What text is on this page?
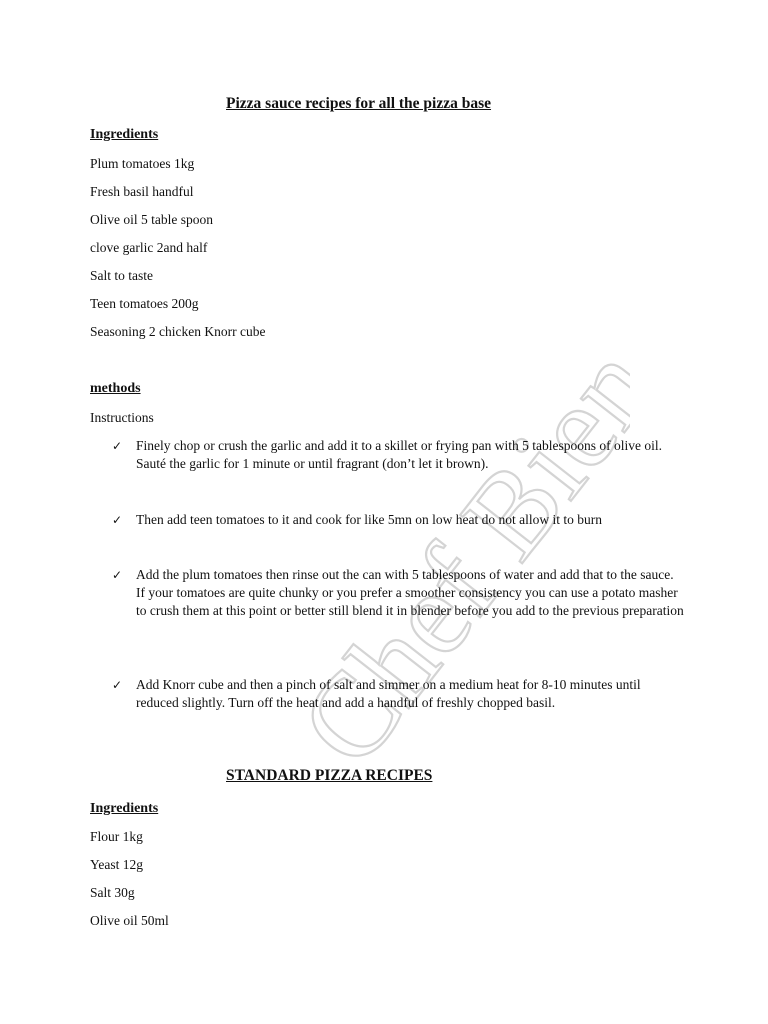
Chef Bien
Pizza sauce recipes for all the pizza base
Ingredients
Plum tomatoes 1kg
Fresh basil handful
Olive oil 5 table spoon
clove garlic 2and half
Salt to taste
Teen tomatoes 200g
Seasoning 2 chicken Knorr cube
methods
Instructions
✓ Finely chop or crush the garlic and add it to a skillet or frying pan with 5 tablespoons of olive oil. Sauté the garlic for 1 minute or until fragrant (don’t let it brown).
✓ Then add teen tomatoes to it and cook for like 5mn on low heat do not allow it to burn
✓ Add the plum tomatoes then rinse out the can with 5 tablespoons of water and add that to the sauce. If your tomatoes are quite chunky or you prefer a smoother consistency you can use a potato masher to crush them at this point or better still blend it in blender before you add to the previous preparation
✓ Add Knorr cube and then a pinch of salt and simmer on a medium heat for 8-10 minutes until reduced slightly. Turn off the heat and add a handful of freshly chopped basil.
STANDARD PIZZA RECIPES
Ingredients
Flour 1kg
Yeast 12g
Salt 30g
Olive oil 50ml
